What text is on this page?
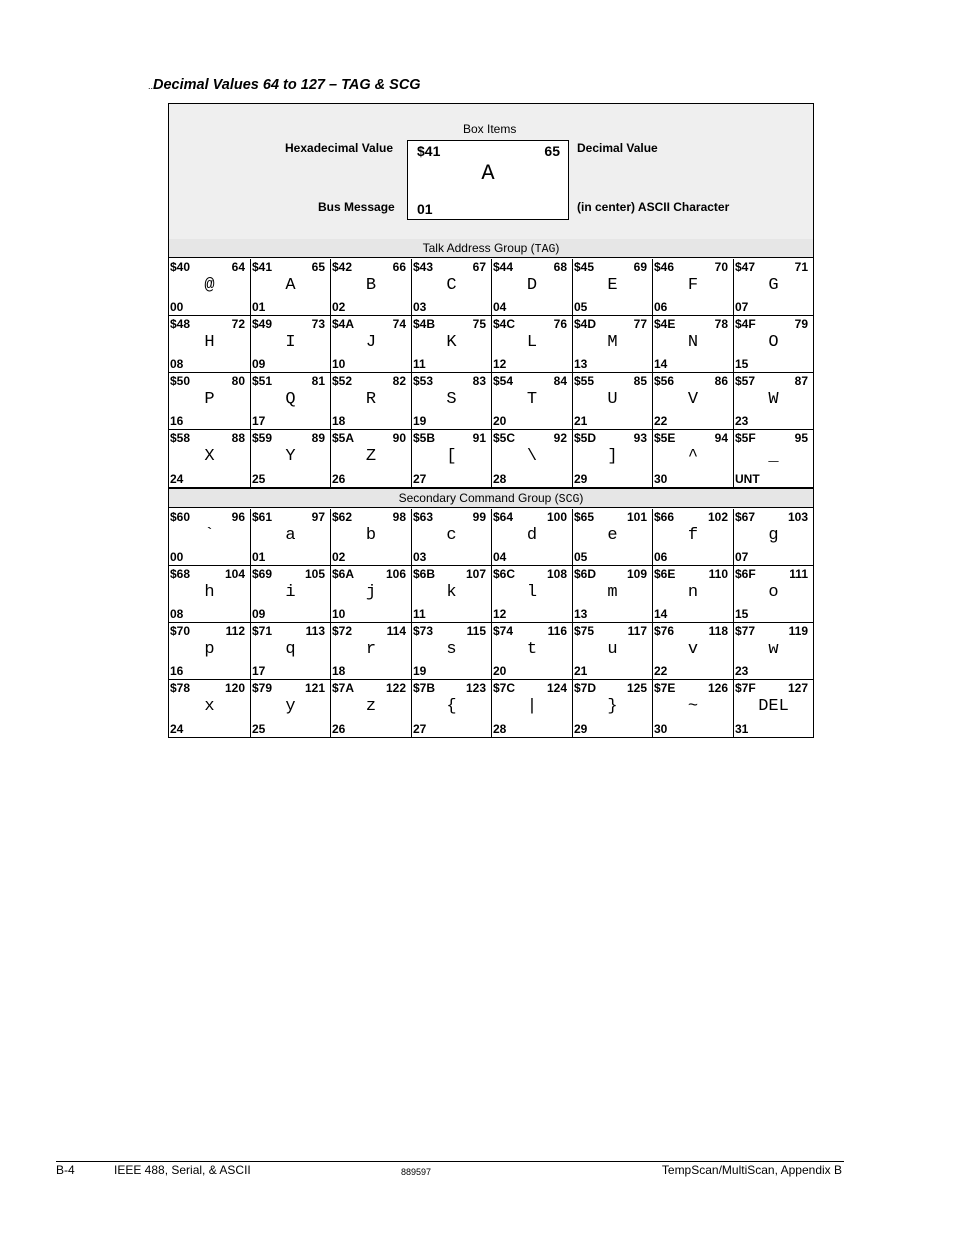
..Decimal Values 64 to 127 – TAG & SCG
Box Items
Hexadecimal Value	Decimal Value
Bus Message	(in center) ASCII Character
$41	65
A
01
Talk Address Group (TAG)
$40	64
@
00
$41	65
A
01
$42	66
B
02
$43	67
C
03
$44	68
D
04
$45	69
E
05
$46	70
F
06
$47	71
G
07
$48	72
H
08
$49	73
I
09
$4A	74
J
10
$4B	75
K
11
$4C	76
L
12
$4D	77
M
13
$4E	78
N
14
$4F	79
O
15
$50	80
P
16
$51	81
Q
17
$52	82
R
18
$53	83
S
19
$54	84
T
20
$55	85
U
21
$56	86
V
22
$57	87
W
23
$58	88
X
24
$59	89
Y
25
$5A	90
Z
26
$5B	91
[
27
$5C	92
\
28
$5D	93
]
29
$5E	94
^
30
$5F	95
_
UNT
Secondary Command Group (SCG)
$60	96
`
00
$61	97
a
01
$62	98
b
02
$63	99
c
03
$64	100
d
04
$65	101
e
05
$66	102
f
06
$67	103
g
07
$68	104
h
08
$69	105
i
09
$6A	106
j
10
$6B	107
k
11
$6C	108
l
12
$6D	109
m
13
$6E	110
n
14
$6F	111
o
15
$70	112
p
16
$71	113
q
17
$72	114
r
18
$73	115
s
19
$74	116
t
20
$75	117
u
21
$76	118
v
22
$77	119
w
23
$78	120
x
24
$79	121
y
25
$7A	122
z
26
$7B	123
{
27
$7C	124
|
28
$7D	125
}
29
$7E	126
~
30
$7F	127
DEL
31
B-4	IEEE 488, Serial, & ASCII	889597	TempScan/MultiScan, Appendix B
